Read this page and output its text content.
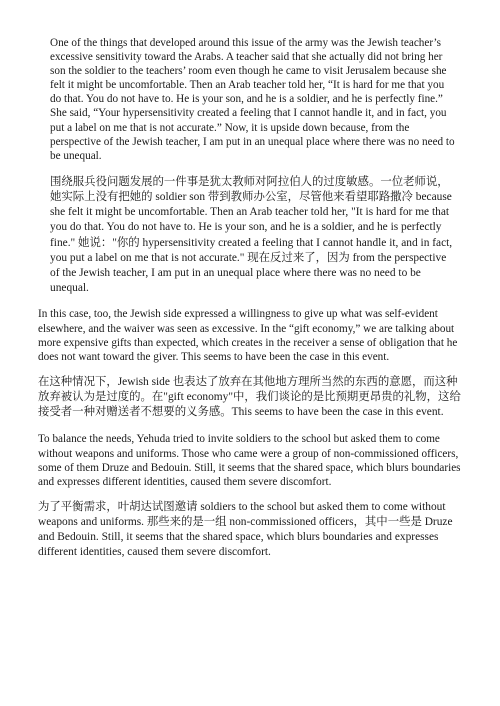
One of the things that developed around this issue of the army was the Jewish teacher’s excessive sensitivity toward the Arabs. A teacher said that she actually did not bring her son the soldier to the teachers’ room even though he came to visit Jerusalem because she felt it might be uncomfortable. Then an Arab teacher told her, “It is hard for me that you do that. You do not have to. He is your son, and he is a soldier, and he is perfectly fine.” She said, “Your hypersensitivity created a feeling that I cannot handle it, and in fact, you put a label on me that is not accurate.” Now, it is upside down because, from the perspective of the Jewish teacher, I am put in an unequal place where there was no need to be unequal.

围绕服兵役问题发展的一件事是犹太教师对阿拉伯人的过度敏感。一位老师说，她实际上没有把她的 soldier son 带到教师办公室，尽管他来看望耶路撒冷 because she felt it might be uncomfortable. Then an Arab teacher told her, "It is hard for me that you do that. You do not have to. He is your son, and he is a soldier, and he is perfectly fine." 她说："你的 hypersensitivity created a feeling that I cannot handle it, and in fact, you put a label on me that is not accurate." 现在反过来了，因为 from the perspective of the Jewish teacher, I am put in an unequal place where there was no need to be unequal.

In this case, too, the Jewish side expressed a willingness to give up what was self-evident elsewhere, and the waiver was seen as excessive. In the “gift economy,” we are talking about more expensive gifts than expected, which creates in the receiver a sense of obligation that he does not want toward the giver. This seems to have been the case in this event.

在这种情况下，Jewish side 也表达了放弃在其他地方理所当然的东西的意愿，而这种放弃被认为是过度的。在"gift economy"中，我们谈论的是比预期更昂贵的礼物，这给接受者一种对赠送者不想要的义务感。This seems to have been the case in this event.

To balance the needs, Yehuda tried to invite soldiers to the school but asked them to come without weapons and uniforms. Those who came were a group of non-commissioned officers, some of them Druze and Bedouin. Still, it seems that the shared space, which blurs boundaries and expresses different identities, caused them severe discomfort.

为了平衡需求，叶胡达试图邀请 soldiers to the school but asked them to come without weapons and uniforms. 那些来的是一组 non-commissioned officers，其中一些是 Druze and Bedouin. Still, it seems that the shared space, which blurs boundaries and expresses different identities, caused them severe discomfort.
